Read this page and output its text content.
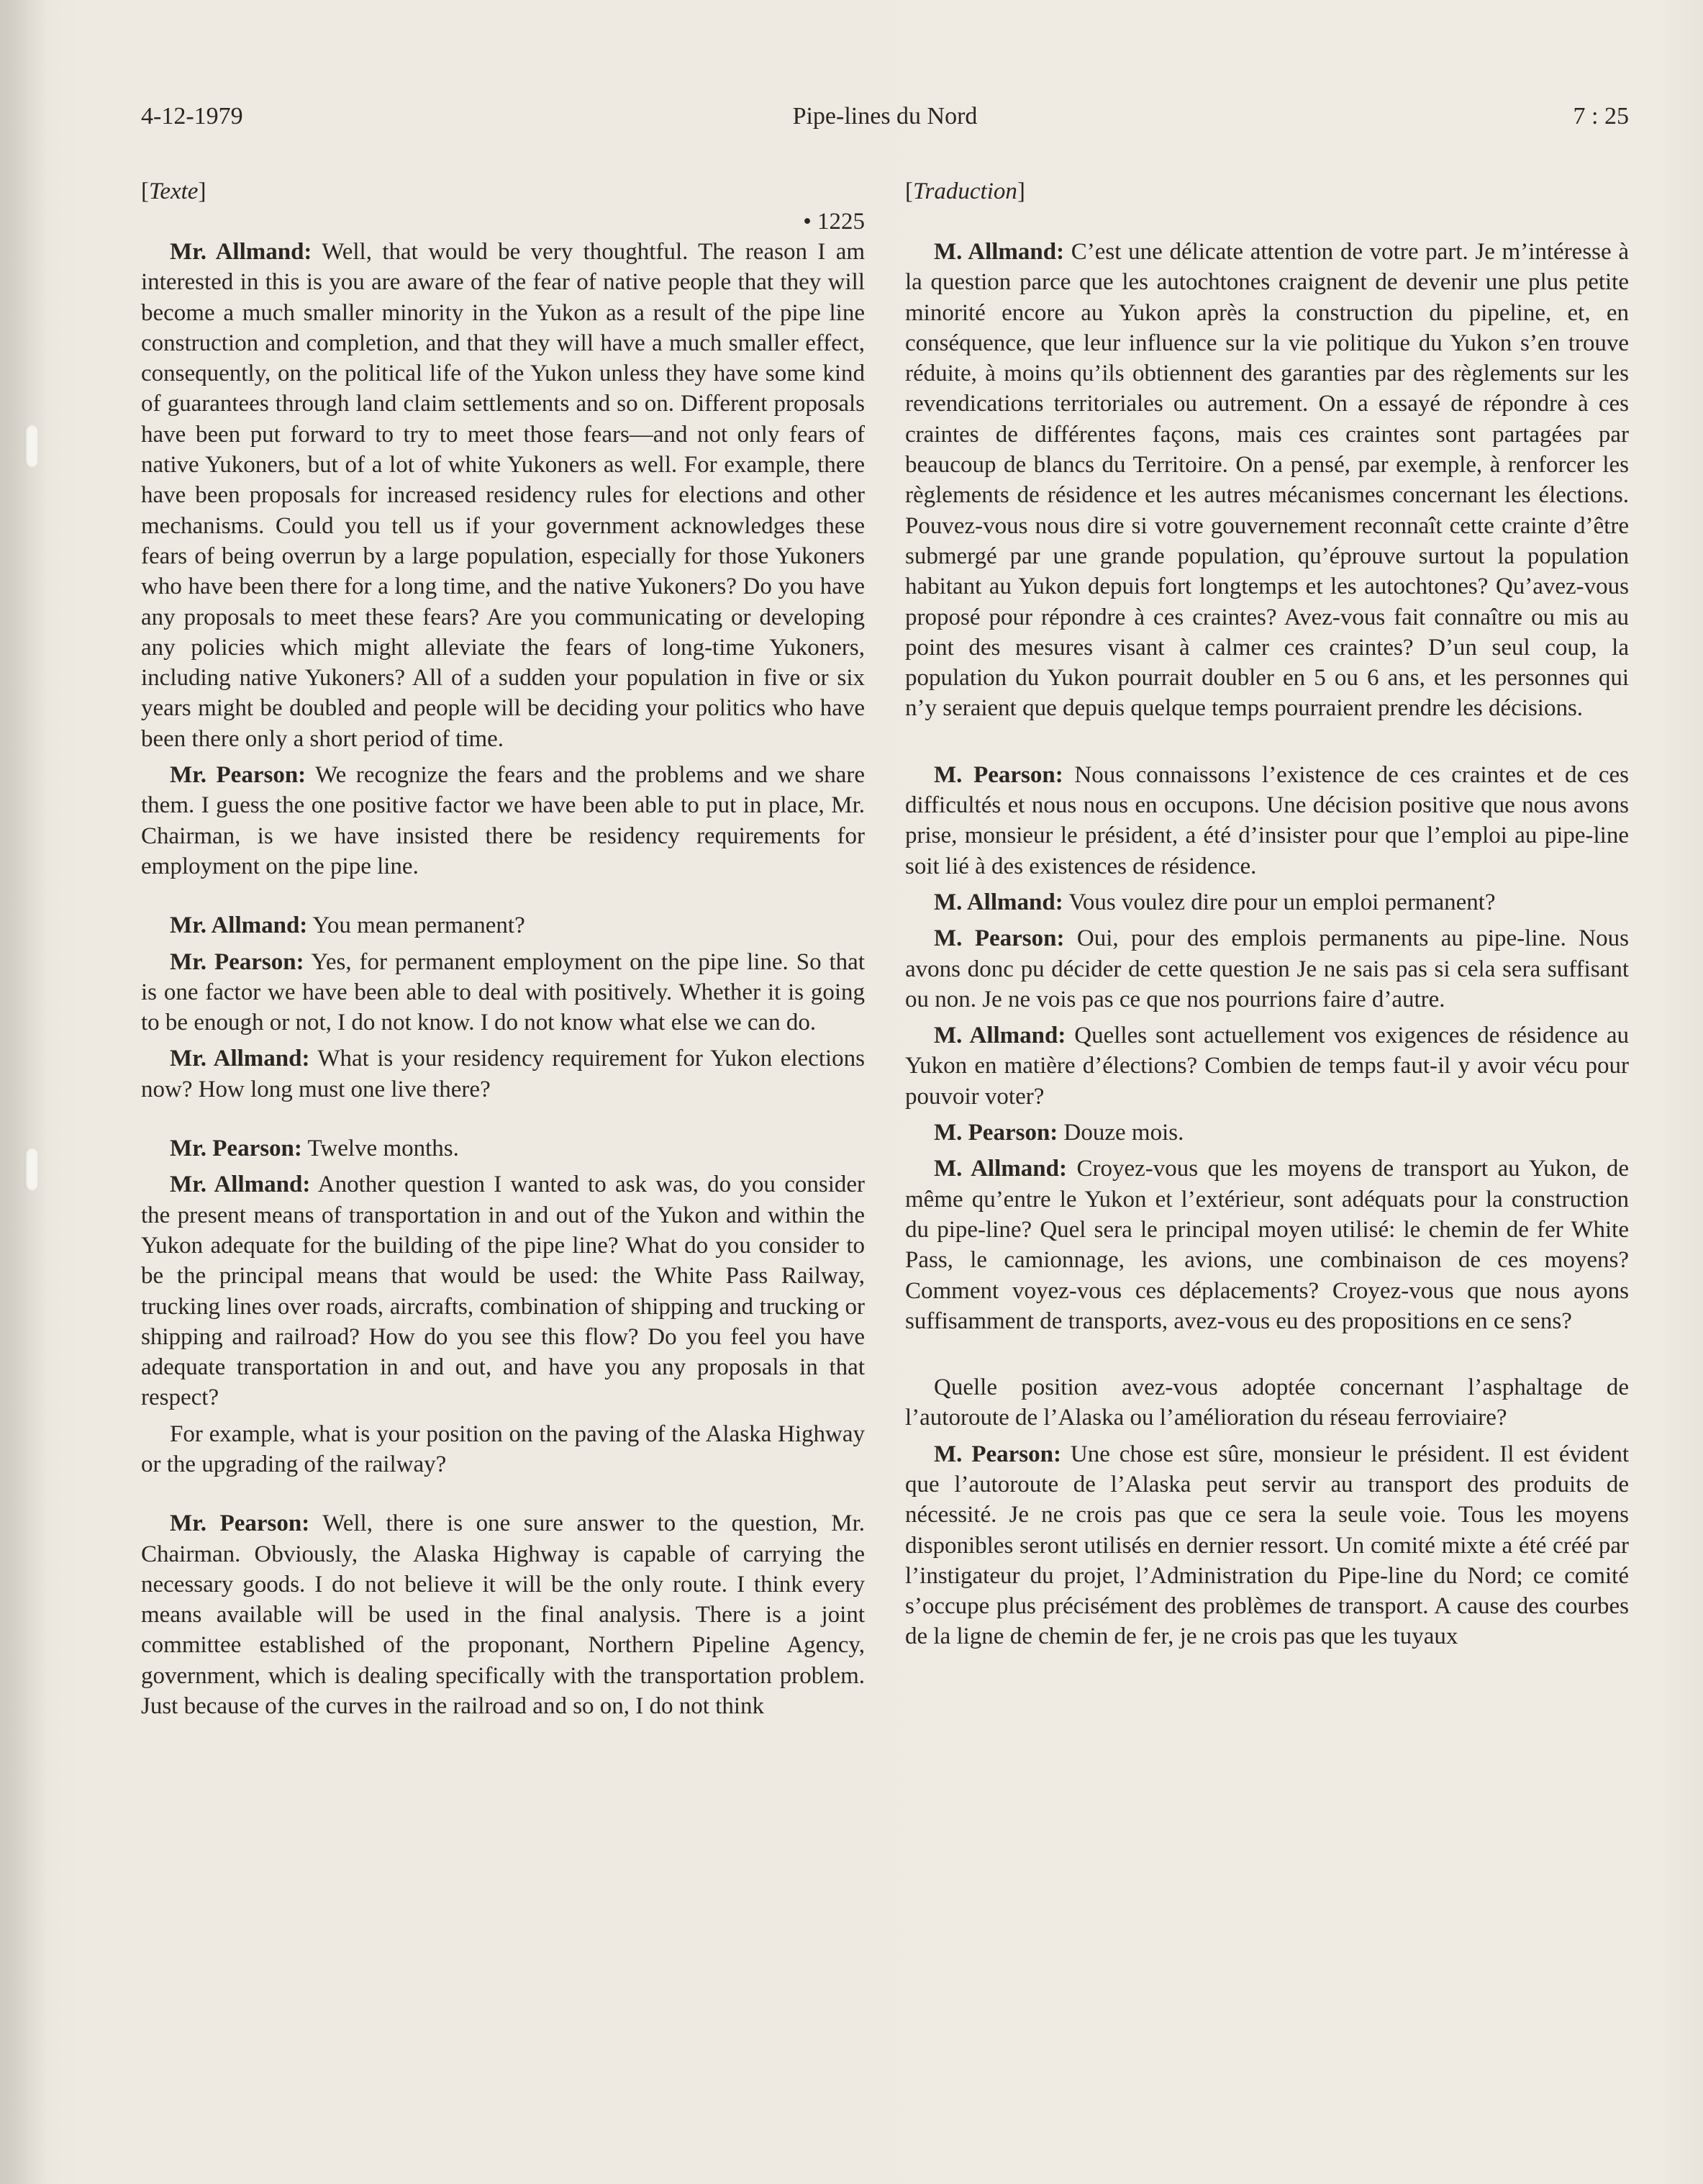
4-12-1979	Pipe-lines du Nord	7 : 25
[Texte]
• 1225

Mr. Allmand: Well, that would be very thoughtful. The reason I am interested in this is you are aware of the fear of native people that they will become a much smaller minority in the Yukon as a result of the pipe line construction and completion, and that they will have a much smaller effect, consequently, on the political life of the Yukon unless they have some kind of guarantees through land claim settlements and so on. Different proposals have been put forward to try to meet those fears—and not only fears of native Yukoners, but of a lot of white Yukoners as well. For example, there have been proposals for increased residency rules for elections and other mechanisms. Could you tell us if your government acknowledges these fears of being overrun by a large population, especially for those Yukoners who have been there for a long time, and the native Yukoners? Do you have any proposals to meet these fears? Are you communicating or developing any policies which might alleviate the fears of long-time Yukoners, including native Yukoners? All of a sudden your population in five or six years might be doubled and people will be deciding your politics who have been there only a short period of time.

Mr. Pearson: We recognize the fears and the problems and we share them. I guess the one positive factor we have been able to put in place, Mr. Chairman, is we have insisted there be residency requirements for employment on the pipe line.

Mr. Allmand: You mean permanent?

Mr. Pearson: Yes, for permanent employment on the pipe line. So that is one factor we have been able to deal with positively. Whether it is going to be enough or not, I do not know. I do not know what else we can do.

Mr. Allmand: What is your residency requirement for Yukon elections now? How long must one live there?

Mr. Pearson: Twelve months.

Mr. Allmand: Another question I wanted to ask was, do you consider the present means of transportation in and out of the Yukon and within the Yukon adequate for the building of the pipe line? What do you consider to be the principal means that would be used: the White Pass Railway, trucking lines over roads, aircrafts, combination of shipping and trucking or shipping and railroad? How do you see this flow? Do you feel you have adequate transportation in and out, and have you any proposals in that respect?

For example, what is your position on the paving of the Alaska Highway or the upgrading of the railway?

Mr. Pearson: Well, there is one sure answer to the question, Mr. Chairman. Obviously, the Alaska Highway is capable of carrying the necessary goods. I do not believe it will be the only route. I think every means available will be used in the final analysis. There is a joint committee established of the proponant, Northern Pipeline Agency, government, which is dealing specifically with the transportation problem. Just because of the curves in the railroad and so on, I do not think

[Traduction]

M. Allmand: C’est une délicate attention de votre part. Je m’intéresse à la question parce que les autochtones craignent de devenir une plus petite minorité encore au Yukon après la construction du pipeline, et, en conséquence, que leur influence sur la vie politique du Yukon s’en trouve réduite, à moins qu’ils obtiennent des garanties par des règlements sur les revendications territoriales ou autrement. On a essayé de répondre à ces craintes de différentes façons, mais ces craintes sont partagées par beaucoup de blancs du Territoire. On a pensé, par exemple, à renforcer les règlements de résidence et les autres mécanismes concernant les élections. Pouvez-vous nous dire si votre gouvernement reconnaît cette crainte d’être submergé par une grande population, qu’éprouve surtout la population habitant au Yukon depuis fort longtemps et les autochtones? Qu’avez-vous proposé pour répondre à ces craintes? Avez-vous fait connaître ou mis au point des mesures visant à calmer ces craintes? D’un seul coup, la population du Yukon pourrait doubler en 5 ou 6 ans, et les personnes qui n’y seraient que depuis quelque temps pourraient prendre les décisions.

M. Pearson: Nous connaissons l’existence de ces craintes et de ces difficultés et nous nous en occupons. Une décision positive que nous avons prise, monsieur le président, a été d’insister pour que l’emploi au pipe-line soit lié à des existences de résidence.

M. Allmand: Vous voulez dire pour un emploi permanent?

M. Pearson: Oui, pour des emplois permanents au pipe-line. Nous avons donc pu décider de cette question Je ne sais pas si cela sera suffisant ou non. Je ne vois pas ce que nos pourrions faire d’autre.

M. Allmand: Quelles sont actuellement vos exigences de résidence au Yukon en matière d’élections? Combien de temps faut-il y avoir vécu pour pouvoir voter?

M. Pearson: Douze mois.

M. Allmand: Croyez-vous que les moyens de transport au Yukon, de même qu’entre le Yukon et l’extérieur, sont adéquats pour la construction du pipe-line? Quel sera le principal moyen utilisé: le chemin de fer White Pass, le camionnage, les avions, une combinaison de ces moyens? Comment voyez-vous ces déplacements? Croyez-vous que nous ayons suffisamment de transports, avez-vous eu des propositions en ce sens?

Quelle position avez-vous adoptée concernant l’asphaltage de l’autoroute de l’Alaska ou l’amélioration du réseau ferroviaire?

M. Pearson: Une chose est sûre, monsieur le président. Il est évident que l’autoroute de l’Alaska peut servir au transport des produits de nécessité. Je ne crois pas que ce sera la seule voie. Tous les moyens disponibles seront utilisés en dernier ressort. Un comité mixte a été créé par l’instigateur du projet, l’Administration du Pipe-line du Nord; ce comité s’occupe plus précisément des problèmes de transport. A cause des courbes de la ligne de chemin de fer, je ne crois pas que les tuyaux
